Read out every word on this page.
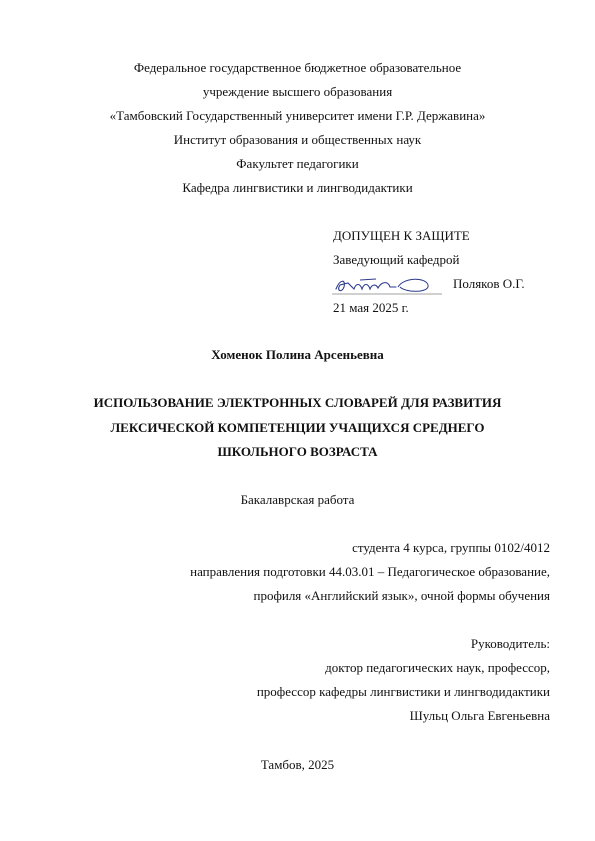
Федеральное государственное бюджетное образовательное
учреждение высшего образования
«Тамбовский Государственный университет имени Г.Р. Державина»
Институт образования и общественных наук
Факультет педагогики
Кафедра лингвистики и лингводидактики
ДОПУЩЕН К ЗАЩИТЕ
Заведующий кафедрой
Поляков О.Г.
21 мая 2025 г.
Хоменок Полина Арсеньевна
ИСПОЛЬЗОВАНИЕ ЭЛЕКТРОННЫХ СЛОВАРЕЙ ДЛЯ РАЗВИТИЯ
ЛЕКСИЧЕСКОЙ КОМПЕТЕНЦИИ УЧАЩИХСЯ СРЕДНЕГО
ШКОЛЬНОГО ВОЗРАСТА
Бакалаврская работа
студента 4 курса, группы 0102/4012
направления подготовки 44.03.01 – Педагогическое образование,
профиля «Английский язык», очной формы обучения
Руководитель:
доктор педагогических наук, профессор,
профессор кафедры лингвистики и лингводидактики
Шульц Ольга Евгеньевна
Тамбов, 2025
